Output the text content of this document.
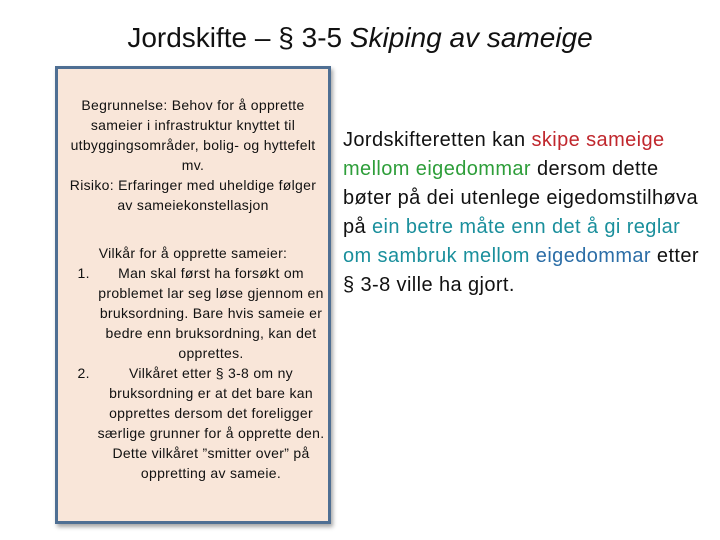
Jordskifte – § 3-5 Skiping av sameige
Begrunnelse: Behov for å opprette sameier i infrastruktur knyttet til utbyggingsområder, bolig- og hyttefelt mv.
Risiko: Erfaringer med uheldige følger av sameiekonstellasjon
Vilkår for å opprette sameier:
1. Man skal først ha forsøkt om problemet lar seg løse gjennom en bruksordning. Bare hvis sameie er bedre enn bruksordning, kan det opprettes.
2. Vilkåret etter § 3-8 om ny bruksordning er at det bare kan opprettes dersom det foreligger særlige grunner for å opprette den. Dette vilkåret ”smitter over” på oppretting av sameie.
Jordskifteretten kan skipe sameige mellom eigedommar dersom dette bøter på dei utenlege eigedomstilhøva på ein betre måte enn det å gi reglar om sambruk mellom eigedommar etter § 3-8 ville ha gjort.
